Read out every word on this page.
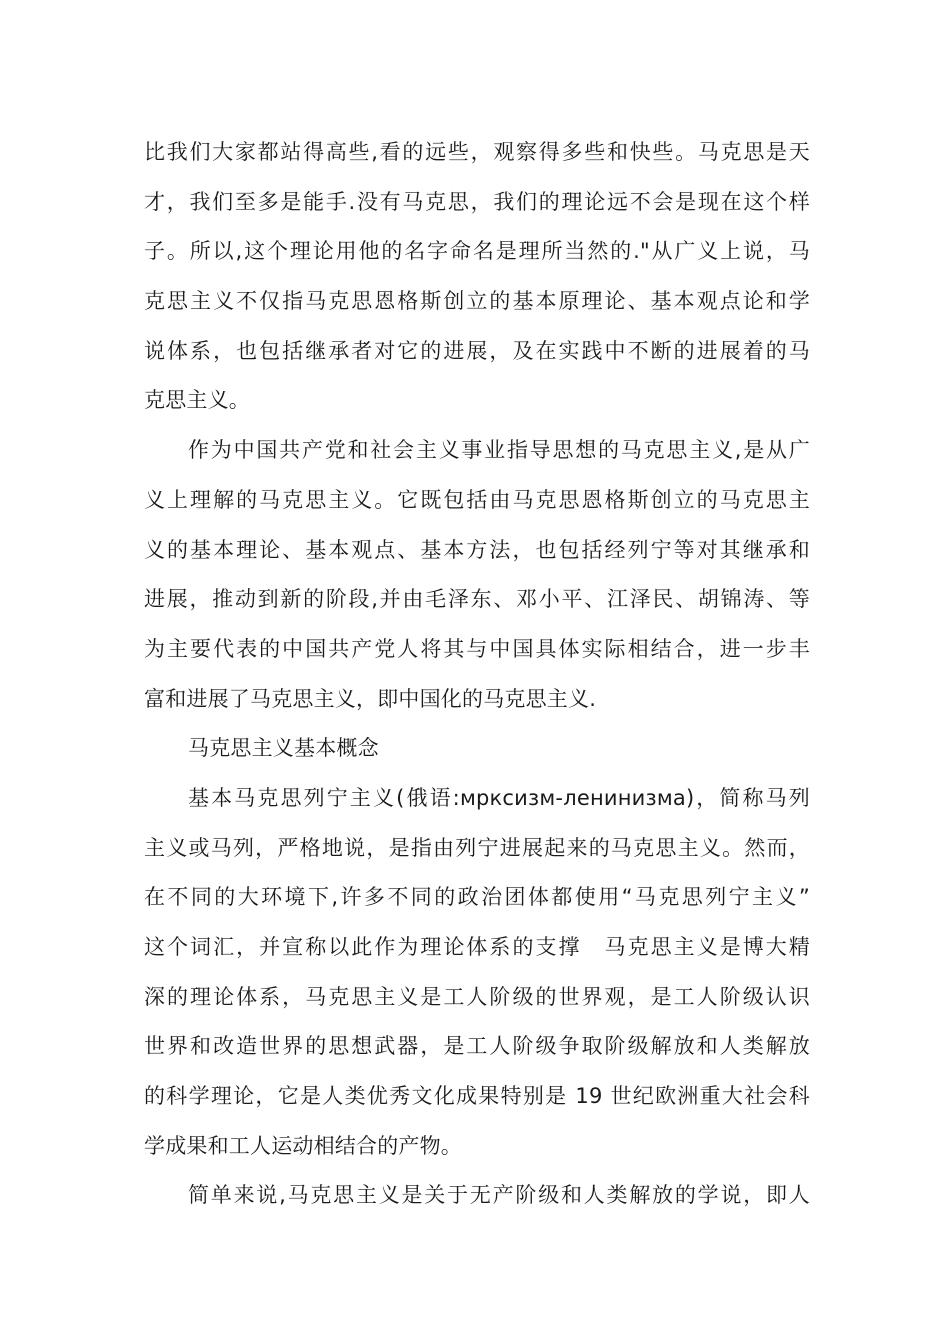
比我们大家都站得高些,看的远些，观察得多些和快些。马克思是天
才，我们至多是能手.没有马克思，我们的理论远不会是现在这个样
子。所以,这个理论用他的名字命名是理所当然的."从广义上说，马
克思主义不仅指马克思恩格斯创立的基本原理论、基本观点论和学
说体系，也包括继承者对它的进展，及在实践中不断的进展着的马
克思主义。
作为中国共产党和社会主义事业指导思想的马克思主义,是从广
义上理解的马克思主义。它既包括由马克思恩格斯创立的马克思主
义的基本理论、基本观点、基本方法，也包括经列宁等对其继承和
进展，推动到新的阶段,并由毛泽东、邓小平、江泽民、胡锦涛、等
为主要代表的中国共产党人将其与中国具体实际相结合，进一步丰
富和进展了马克思主义，即中国化的马克思主义.
马克思主义基本概念
基本马克思列宁主义(俄语:мрксизм-ленинизма)，简称马列
主义或马列，严格地说，是指由列宁进展起来的马克思主义。然而，
在不同的大环境下,许多不同的政治团体都使用“马克思列宁主义”
这个词汇，并宣称以此作为理论体系的支撑　马克思主义是博大精
深的理论体系，马克思主义是工人阶级的世界观，是工人阶级认识
世界和改造世界的思想武器，是工人阶级争取阶级解放和人类解放
的科学理论，它是人类优秀文化成果特别是 19 世纪欧洲重大社会科
学成果和工人运动相结合的产物。
简单来说,马克思主义是关于无产阶级和人类解放的学说，即人
